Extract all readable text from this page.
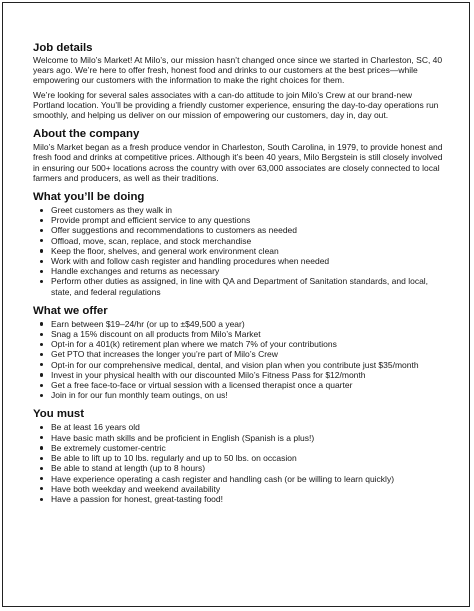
Job details

Welcome to Milo’s Market! At Milo’s, our mission hasn’t changed once since we started in Charleston, SC, 40 years ago. We’re here to offer fresh, honest food and drinks to our customers at the best prices—while empowering our customers with the information to make the right choices for them.

We’re looking for several sales associates with a can-do attitude to join Milo’s Crew at our brand-new Portland location. You’ll be providing a friendly customer experience, ensuring the day-to-day operations run smoothly, and helping us deliver on our mission of empowering our customers, day in, day out.

About the company

Milo’s Market began as a fresh produce vendor in Charleston, South Carolina, in 1979, to provide honest and fresh food and drinks at competitive prices. Although it’s been 40 years, Milo Bergstein is still closely involved in ensuring our 500+ locations across the country with over 63,000 associates are closely connected to local farmers and producers, as well as their traditions.

What you’ll be doing
Greet customers as they walk in
Provide prompt and efficient service to any questions
Offer suggestions and recommendations to customers as needed
Offload, move, scan, replace, and stock merchandise
Keep the floor, shelves, and general work environment clean
Work with and follow cash register and handling procedures when needed
Handle exchanges and returns as necessary
Perform other duties as assigned, in line with QA and Department of Sanitation standards, and local, state, and federal regulations
What we offer
Earn between $19–24/hr (or up to ±$49,500 a year)
Snag a 15% discount on all products from Milo’s Market
Opt-in for a 401(k) retirement plan where we match 7% of your contributions
Get PTO that increases the longer you’re part of Milo’s Crew
Opt-in for our comprehensive medical, dental, and vision plan when you contribute just $35/month
Invest in your physical health with our discounted Milo’s Fitness Pass for $12/month
Get a free face-to-face or virtual session with a licensed therapist once a quarter
Join in for our fun monthly team outings, on us!
You must
Be at least 16 years old
Have basic math skills and be proficient in English (Spanish is a plus!)
Be extremely customer-centric
Be able to lift up to 10 lbs. regularly and up to 50 lbs. on occasion
Be able to stand at length (up to 8 hours)
Have experience operating a cash register and handling cash (or be willing to learn quickly)
Have both weekday and weekend availability
Have a passion for honest, great-tasting food!
